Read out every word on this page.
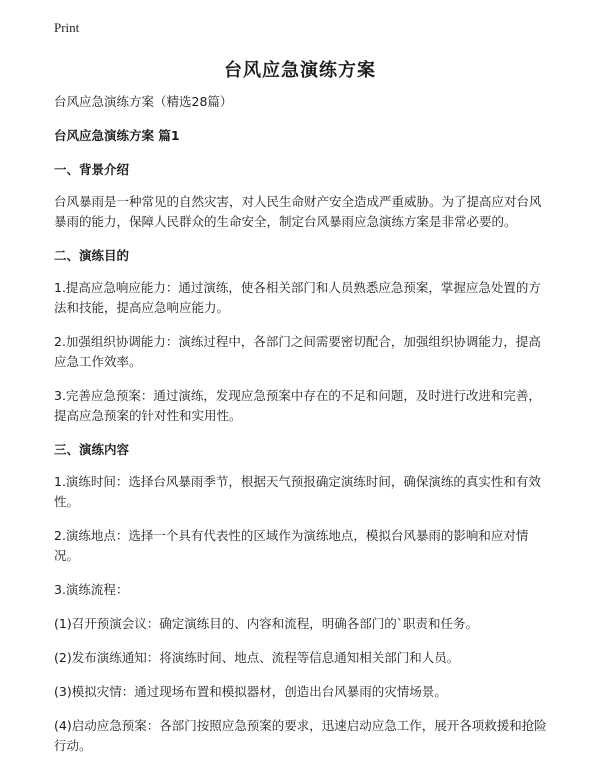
Print
台风应急演练方案

台风应急演练方案（精选28篇）

台风应急演练方案 篇1

一、背景介绍

台风暴雨是一种常见的自然灾害，对人民生命财产安全造成严重威胁。为了提高应对台风暴雨的能力，保障人民群众的生命安全，制定台风暴雨应急演练方案是非常必要的。

二、演练目的

1.提高应急响应能力：通过演练，使各相关部门和人员熟悉应急预案，掌握应急处置的方法和技能，提高应急响应能力。

2.加强组织协调能力：演练过程中，各部门之间需要密切配合，加强组织协调能力，提高应急工作效率。

3.完善应急预案：通过演练，发现应急预案中存在的不足和问题，及时进行改进和完善，提高应急预案的针对性和实用性。

三、演练内容

1.演练时间：选择台风暴雨季节，根据天气预报确定演练时间，确保演练的真实性和有效性。

2.演练地点：选择一个具有代表性的区域作为演练地点，模拟台风暴雨的影响和应对情况。

3.演练流程：

(1)召开预演会议：确定演练目的、内容和流程，明确各部门的`职责和任务。

(2)发布演练通知：将演练时间、地点、流程等信息通知相关部门和人员。

(3)模拟灾情：通过现场布置和模拟器材，创造出台风暴雨的灾情场景。

(4)启动应急预案：各部门按照应急预案的要求，迅速启动应急工作，展开各项救援和抢险行动。
